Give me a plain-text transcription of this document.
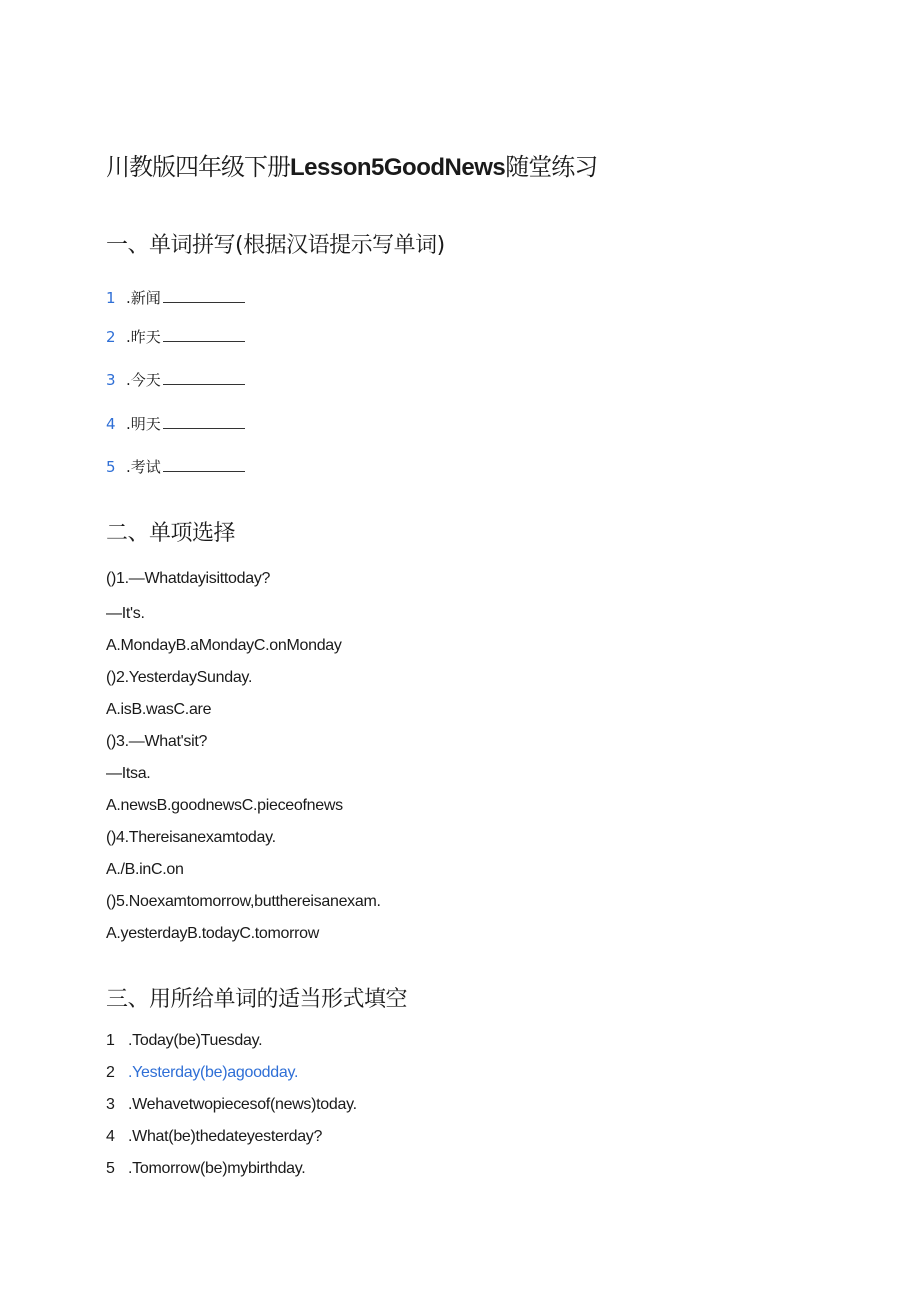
川教版四年级下册Lesson5GoodNews随堂练习
一、单词拼写(根据汉语提示写单词)
1 .新闻
2 .昨天
3 .今天
4 .明天
5 .考试
二、单项选择
()1.—Whatdayisittoday?
—It's.
A.MondayB.aMondayC.onMonday
()2.YesterdaySunday.
A.isB.wasC.are
()3.—What'sit?
—Itsa.
A.newsB.goodnewsC.pieceofnews
()4.Thereisanexamtoday.
A./B.inC.on
()5.Noexamtomorrow,butthereisanexam.
A.yesterdayB.todayC.tomorrow
三、用所给单词的适当形式填空
1 .Today(be)Tuesday.
2 .Yesterday(be)agoodday.
3 .Wehavetwopiecesof(news)today.
4 .What(be)thedateyesterday?
5 .Tomorrow(be)mybirthday.
